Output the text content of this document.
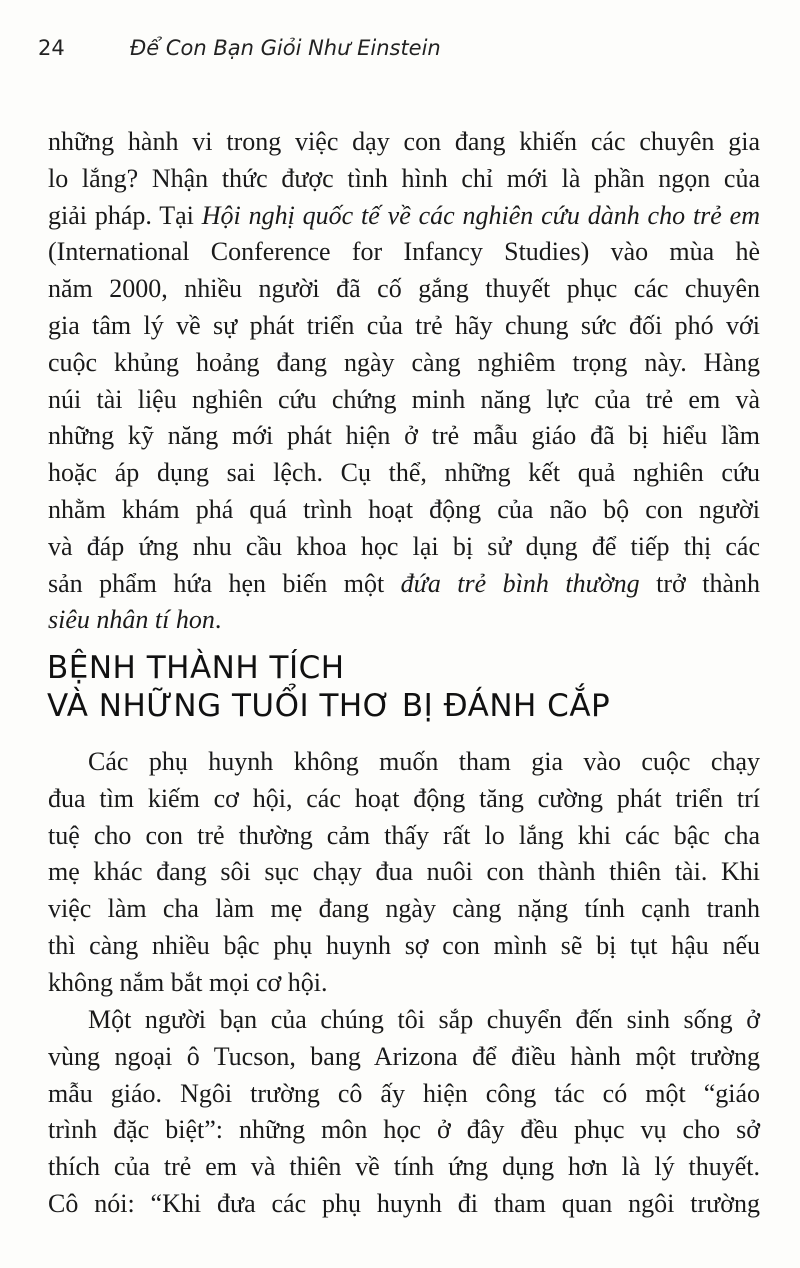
24	Để Con Bạn Giỏi Như Einstein
những hành vi trong việc dạy con đang khiến các chuyên gia
lo lắng? Nhận thức được tình hình chỉ mới là phần ngọn của
giải pháp. Tại Hội nghị quốc tế về các nghiên cứu dành cho trẻ em
(International Conference for Infancy Studies) vào mùa hè
năm 2000, nhiều người đã cố gắng thuyết phục các chuyên
gia tâm lý về sự phát triển của trẻ hãy chung sức đối phó với
cuộc khủng hoảng đang ngày càng nghiêm trọng này. Hàng
núi tài liệu nghiên cứu chứng minh năng lực của trẻ em và
những kỹ năng mới phát hiện ở trẻ mẫu giáo đã bị hiểu lầm
hoặc áp dụng sai lệch. Cụ thể, những kết quả nghiên cứu
nhằm khám phá quá trình hoạt động của não bộ con người
và đáp ứng nhu cầu khoa học lại bị sử dụng để tiếp thị các
sản phẩm hứa hẹn biến một đứa trẻ bình thường trở thành
siêu nhân tí hon.
BỆNH THÀNH TÍCH
VÀ NHỮNG TUỔI THƠ BỊ ĐÁNH CẮP
Các phụ huynh không muốn tham gia vào cuộc chạy
đua tìm kiếm cơ hội, các hoạt động tăng cường phát triển trí
tuệ cho con trẻ thường cảm thấy rất lo lắng khi các bậc cha
mẹ khác đang sôi sục chạy đua nuôi con thành thiên tài. Khi
việc làm cha làm mẹ đang ngày càng nặng tính cạnh tranh
thì càng nhiều bậc phụ huynh sợ con mình sẽ bị tụt hậu nếu
không nắm bắt mọi cơ hội.
Một người bạn của chúng tôi sắp chuyển đến sinh sống ở
vùng ngoại ô Tucson, bang Arizona để điều hành một trường
mẫu giáo. Ngôi trường cô ấy hiện công tác có một “giáo
trình đặc biệt”: những môn học ở đây đều phục vụ cho sở
thích của trẻ em và thiên về tính ứng dụng hơn là lý thuyết.
Cô nói: “Khi đưa các phụ huynh đi tham quan ngôi trường
